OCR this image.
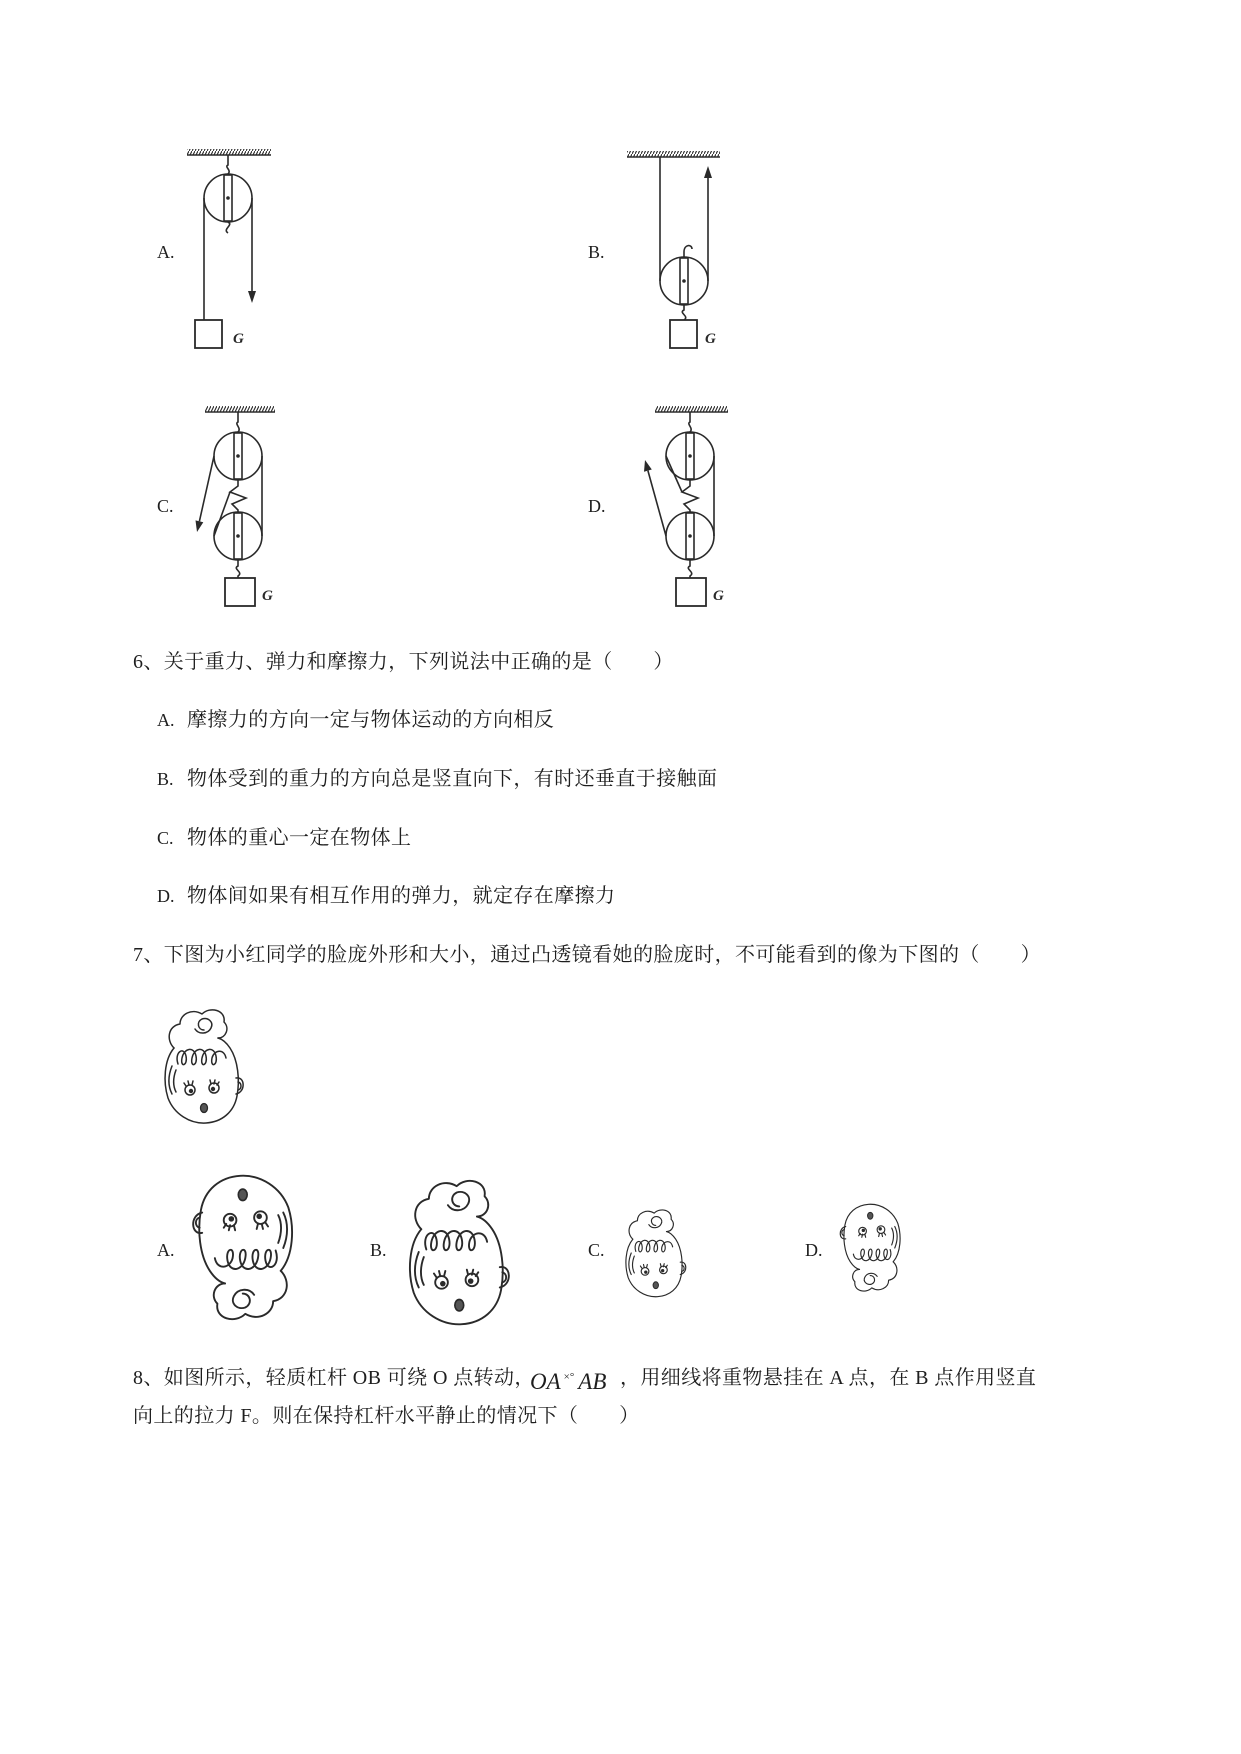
A.
G
B.
G
C.
G
D.
G
6、关于重力、弹力和摩擦力，下列说法中正确的是（　　）
A. 摩擦力的方向一定与物体运动的方向相反
B. 物体受到的重力的方向总是竖直向下，有时还垂直于接触面
C. 物体的重心一定在物体上
D. 物体间如果有相互作用的弹力，就定存在摩擦力
7、下图为小红同学的脸庞外形和大小，通过凸透镜看她的脸庞时，不可能看到的像为下图的（　　）
A.	B.	C.	D.
8、如图所示，轻质杠杆 OB 可绕 O 点转动，
OA ×° AB ，用细线将重物悬挂在 A 点，在 B 点作用竖直
向上的拉力 F。则在保持杠杆水平静止的情况下（　　）
